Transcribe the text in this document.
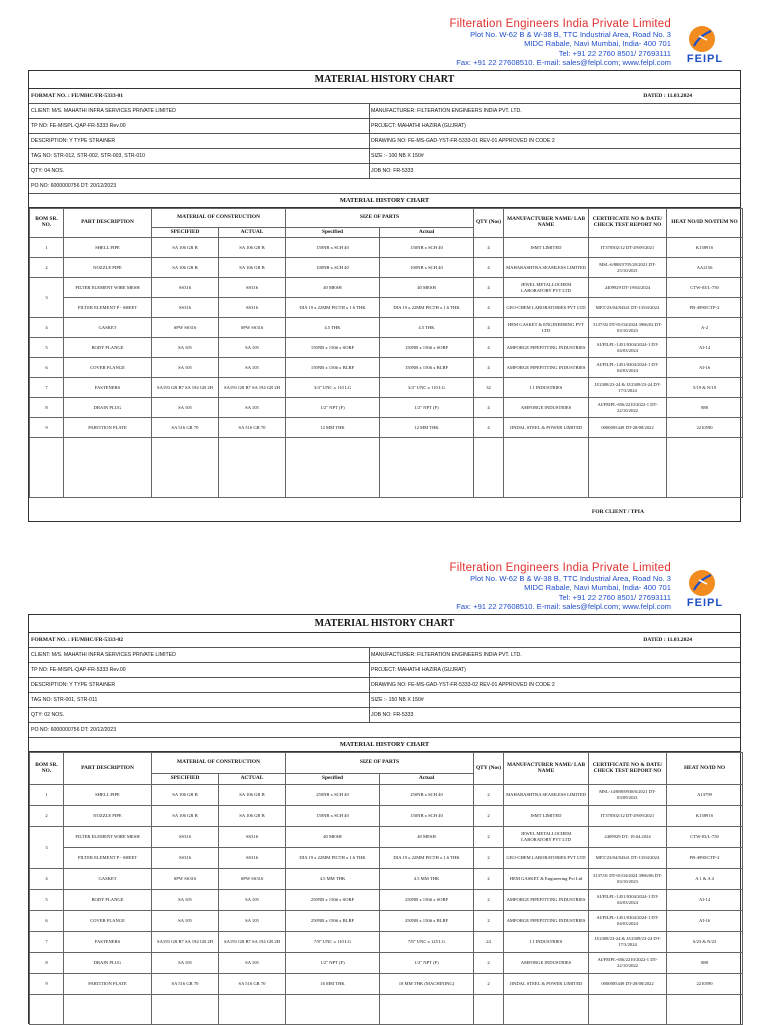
Filteration Engineers India Private Limited
Plot No. W-62 B & W-38 B, TTC Industrial Area, Road No. 3
MIDC Rabale, Navi Mumbai, India- 400 701
Tel: +91 22 2760 8501/ 27693111
Fax: +91 22 27608510. E-mail: sales@felpl.com; www.felpl.com	FEIPL
MATERIAL HISTORY CHART
FORMAT NO. : FE/MHC/FR-5333-01	DATED : 11.03.2024
CLIENT: M/S. MAHATHI INFRA SERVICES PRIVATE LIMITED	MANUFACTURER: FILTERATION ENGINEERS INDIA PVT. LTD.
TP NO: FE-MISPL-QAP-FR-5333 Rev.00	PROJECT: MAHATHI HAZIRA (GUJRAT)
DESCRIPTION: Y TYPE STRAINER	DRAWING NO: FE-MS-GAD-YST-FR-5333-01 REV-01 APPROVED IN CODE 2
TAG NO: STR-012, STR-002, STR-003, STR-010	SIZE :- 100 NB X 150#
QTY: 04 NOS.	JOB NO: FR-5333
PO NO: 6000000756 DT: 20/12/2023
MATERIAL HISTORY CHART
BOM SR. NO.	PART DESCRIPTION	MATERIAL OF CONSTRUCTION		SIZE OF PARTS		QTY (Nos)	MANUFACTURER NAME/ LAB NAME	CERTIFICATE NO & DATE/ CHECK TEST REPORT NO	HEAT NO/ID NO/ITEM NO
		SPECIFIED	ACTUAL	Specified	Actual				
1	SHELL PIPE	SA 106 GR B	SA 106 GR B	150NB x SCH 40	150NB x SCH 40	4	ISMT LIMITED	IT370502/12 DT-29/09/2021	K15891S
2	NOZZLE PIPE	SA 106 GR B	SA 106 GR B	100NB x SCH 40	100NB x SCH 40	4	MAHARASHTRA SEAMLESS LIMITED	MSL-6/888/5705/20/2021 DT-25/10/2021	AA2156
3	FILTER ELEMENT WIRE MESH	SS316	SS316	40 MESH	40 MESH	4	JEWEL METALLOCHEM LABORATORY PVT LTD	2409929 DT-19/04/2024	CTW-03/L-750
	FILTER ELEMENT P - SHEET	SS316	SS316	DIA 19 x 22MM PICTH x 1.6 THK	DIA 19 x 22MM PICTH x 1.6 THK	4	GEO-CHEM LABORATORIES PVT LTD	MET/23/04/84341 DT-13/04/2024	FB-4990/CTP-2
4	GASKET	SPW SS316	SPW SS316	4.5 THK	4.5 THK	4	HEM GASKET & ENGINEERING PVT LTD	3137/02 DT-01/04/2024 3966/02 DT-03/10/2023	A-2
5	BODY FLANGE	SA 105	SA 105	150NB x 150# x SORF	150NB x 150# x SORF	4	AMFORGE PIPEFITTING INDUSTRIES	AI/FILPL-1451/0304/2024-1 DT-04/03/2024	AI-14
6	COVER FLANGE	SA 105	SA 105	150NB x 150# x BLRF	150NB x 150# x BLRF	4	AMFORGE PIPEFITTING INDUSTRIES	AI/FILPL-1451/0304/2024-1 DT-04/03/2024	AI-16
7	FASTENERS	SA193 GR B7 SA 194 GR 2H	SA193 GR B7 SA 194 GR 2H	3/4" UNC x 110 LG	3/4" UNC x 110 LG	32	J J INDUSTRIES	JJ/2308/23-24 & JJ/2309/23-24 DT-17/3/2024	5/19 & N/19
8	DRAIN PLUG	SA 105	SA 105	1/2" NPT (F)	1/2" NPT (F)	4	AMFORGE INDUSTRIES	AI/FEIPL-656/2210/2022-1 DT-22/10/2022	888
9	PARTITION PLATE	SA 516 GR 70	SA 516 GR 70	12 MM THK	12 MM THK	4	JINDAL STEEL & POWER LIMITED	0000005449 DT-28/08/2022	2210590

FOR CLIENT / TPIA
Filteration Engineers India Private Limited
Plot No. W-62 B & W-38 B, TTC Industrial Area, Road No. 3
MIDC Rabale, Navi Mumbai, India- 400 701
Tel: +91 22 2760 8501/ 27693111
Fax: +91 22 27608510. E-mail: sales@felpl.com; www.felpl.com	FEIPL
MATERIAL HISTORY CHART
FORMAT NO. : FE/MHC/FR-5333-02	DATED : 11.03.2024
CLIENT: M/S. MAHATHI INFRA SERVICES PRIVATE LIMITED	MANUFACTURER: FILTERATION ENGINEERS INDIA PVT. LTD.
TP NO: FE-MISPL-QAP-FR-5333 Rev.00	PROJECT: MAHATHI HAZIRA (GUJRAT)
DESCRIPTION: Y TYPE STRAINER	DRAWING NO: FE-MS-GAD-YST-FR-5333-02 REV-01 APPROVED IN CODE 2
TAG NO: STR-001, STR-011	SIZE :- 150 NB X 150#
QTY: 02 NOS.	JOB NO: FR-5333
PO NO: 6000000756 DT: 20/12/2023
MATERIAL HISTORY CHART
BOM SR. NO.	PART DESCRIPTION	MATERIAL OF CONSTRUCTION		SIZE OF PARTS		QTY (Nos)	MANUFACTURER NAME/ LAB NAME	CERTIFICATE NO & DATE/ CHECK TEST REPORT NO	HEAT NO/ID NO
		SPECIFIED	ACTUAL	Specified	Actual				
1	SHELL PIPE	SA 106 GR B	SA 106 GR B	250NB x SCH 40	250NB x SCH 40	2	MAHARASHTRA SEAMLESS LIMITED	MSL-14/888/0938/6/2021 DT-03/09/2021	A13799
2	NOZZLE PIPE	SA 106 GR B	SA 106 GR B	150NB x SCH 40	150NB x SCH 40	2	ISMT LIMITED	IT370502/12 DT-29/09/2021	K15891S
3	FILTER ELEMENT WIRE MESH	SS316	SS316	40 MESH	40 MESH	2	JEWEL METALLOCHEM LABORATORY PVT LTD	2409929 DT: 19.04.2024	CTW-03/L-750
	FILTER ELEMENT P - SHEET	SS316	SS316	DIA 19 x 22MM PICTH x 1.6 THK	DIA 19 x 22MM PICTH x 1.6 THK	2	GEO-CHEM LABORATORIES PVT LTD	MET/23/04/84341 DT-13/04/2024	FB-4990/CTP-2
4	GASKET	SPW SS316	SPW SS316	4.5 MM THK	4.5 MM THK	2	HEM GASKET & Engineering Pvt Ltd	3137/01 DT-01/04/2024 3966/06 DT-03/10/2023	A 1 & A 4
5	BODY FLANGE	SA 105	SA 105	250NB x 150# x SORF	250NB x 150# x SORF	2	AMFORGE PIPEFITTING INDUSTRIES	AI/FILPL-1451/0304/2024-1 DT-04/03/2024	AI-14
6	COVER FLANGE	SA 105	SA 105	250NB x 150# x BLRF	250NB x 150# x BLRF	2	AMFORGE PIPEFITTING INDUSTRIES	AI/FILPL-1451/0304/2024-1 DT-04/03/2024	AI-16
7	FASTENERS	SA193 GR B7 SA 194 GR 2H	SA193 GR B7 SA 194 GR 2H	7/8" UNC x 110 LG	7/8" UNC x 125 LG	24	J J INDUSTRIES	JJ/2308/23-24 & JJ/2309/23-24 DT-17/3/2024	S/23 & N/23
8	DRAIN PLUG	SA 105	SA 105	1/2" NPT (F)	1/2" NPT (F)	2	AMFORGE INDUSTRIES	AI/FEIPL-656/2210/2022-1 DT-22/10/2022	888
9	PARTITION PLATE	SA 516 GR 70	SA 516 GR 70	16 MM THK	18 MM THK (MACHINING)	2	JINDAL STEEL & POWER LIMITED	0000005449 DT-28/08/2022	2210590
